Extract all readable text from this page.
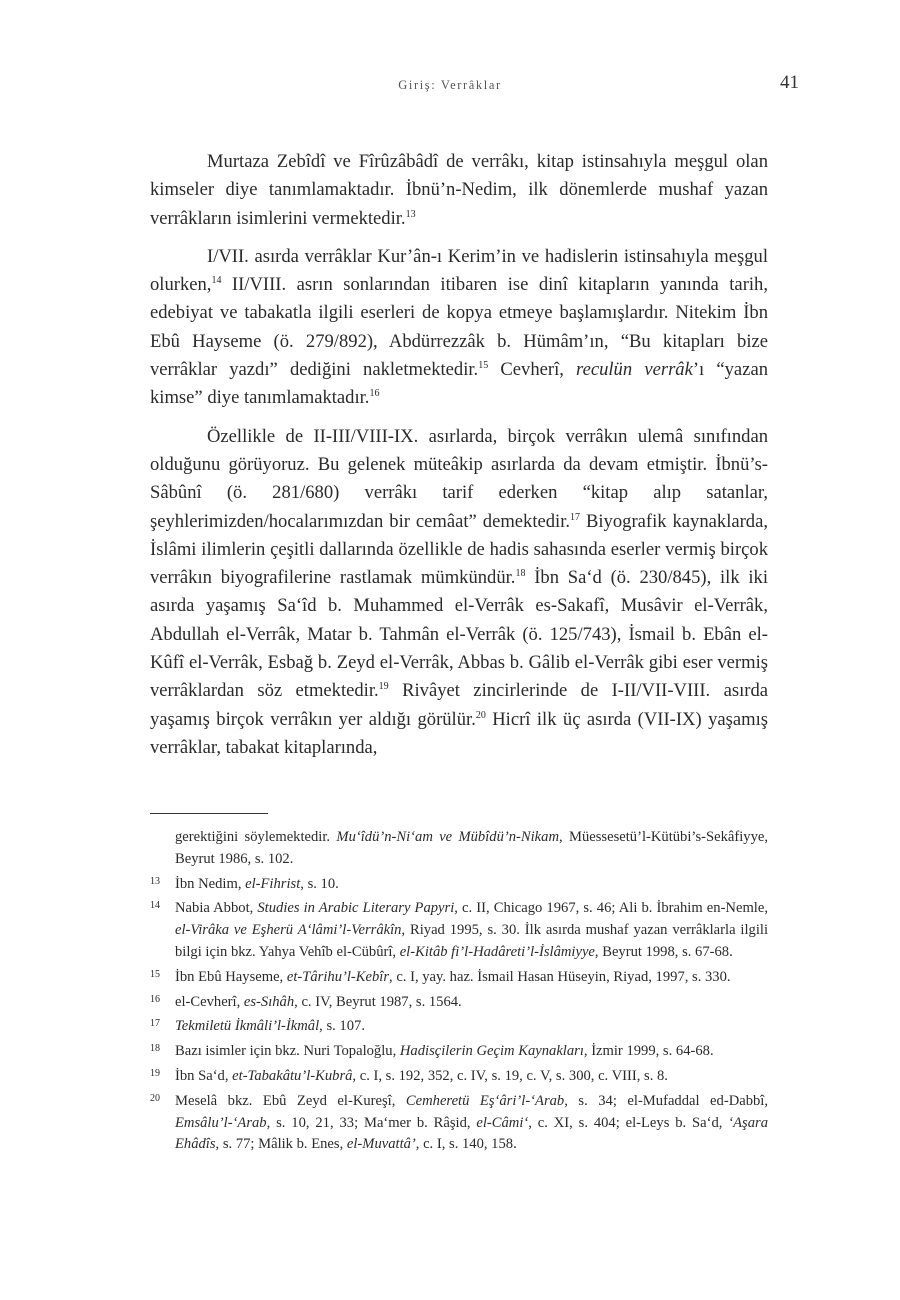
Giriş: Verrâklar	41

Murtaza Zebîdî ve Fîrûzâbâdî de verrâkı, kitap istinsahıyla meşgul olan kimseler diye tanımlamaktadır. İbnü’n-Nedim, ilk dönemlerde mushaf yazan verrâkların isimlerini vermektedir.$^{13}$

I/VII. asırda verrâklar Kur’ân-ı Kerim’in ve hadislerin istinsahıyla meşgul olurken,$^{14}$ II/VIII. asrın sonlarından itibaren ise dinî kitapların yanında tarih, edebiyat ve tabakatla ilgili eserleri de kopya etmeye başlamışlardır. Nitekim İbn Ebû Hayseme (ö. 279/892), Abdürrezzâk b. Hümâm’ın, “Bu kitapları bize verrâklar yazdı” dediğini nakletmektedir.$^{15}$ Cevherî, reculün verrâk’ı “yazan kimse” diye tanımlamaktadır.$^{16}$

Özellikle de II-III/VIII-IX. asırlarda, birçok verrâkın ulemâ sınıfından olduğunu görüyoruz. Bu gelenek müteâkip asırlarda da devam etmiştir. İbnü’s-Sâbûnî (ö. 281/680) verrâkı tarif ederken “kitap alıp satanlar, şeyhlerimizden/hocalarımızdan bir cemâat” demektedir.$^{17}$ Biyografik kaynaklarda, İslâmi ilimlerin çeşitli dallarında özellikle de hadis sahasında eserler vermiş birçok verrâkın biyografilerine rastlamak mümkündür.$^{18}$ İbn Sa‘d (ö. 230/845), ilk iki asırda yaşamış Sa‘îd b. Muhammed el-Verrâk es-Sakafî, Musâvir el-Verrâk, Abdullah el-Verrâk, Matar b. Tahmân el-Verrâk (ö. 125/743), İsmail b. Ebân el-Kûfî el-Verrâk, Esbağ b. Zeyd el-Verrâk, Abbas b. Gâlib el-Verrâk gibi eser vermiş verrâklardan söz etmektedir.$^{19}$ Rivâyet zincirlerinde de I-II/VII-VIII. asırda yaşamış birçok verrâkın yer aldığı görülür.$^{20}$ Hicrî ilk üç asırda (VII-IX) yaşamış verrâklar, tabakat kitaplarında,

gerektiğini söylemektedir. Mu‘îdü’n-Ni‘am ve Mübîdü’n-Nikam, Müessesetü’l-Kütübi’s-Sekâfiyye, Beyrut 1986, s. 102.
13 İbn Nedim, el-Fihrist, s. 10.
14 Nabia Abbot, Studies in Arabic Literary Papyri, c. II, Chicago 1967, s. 46; Ali b. İbrahim en-Nemle, el-Virâka ve Eşherü A‘lâmi’l-Verrâkîn, Riyad 1995, s. 30. İlk asırda mushaf yazan verrâklarla ilgili bilgi için bkz. Yahya Vehîb el-Cübûrî, el-Kitâb fi’l-Hadâreti’l-İslâmiyye, Beyrut 1998, s. 67-68.
15 İbn Ebû Hayseme, et-Târihu’l-Kebîr, c. I, yay. haz. İsmail Hasan Hüseyin, Riyad, 1997, s. 330.
16 el-Cevherî, es-Sıhâh, c. IV, Beyrut 1987, s. 1564.
17 Tekmiletü İkmâli’l-İkmâl, s. 107.
18 Bazı isimler için bkz. Nuri Topaloğlu, Hadisçilerin Geçim Kaynakları, İzmir 1999, s. 64-68.
19 İbn Sa‘d, et-Tabakâtu’l-Kubrâ, c. I, s. 192, 352, c. IV, s. 19, c. V, s. 300, c. VIII, s. 8.
20 Meselâ bkz. Ebû Zeyd el-Kureşî, Cemheretü Eş‘âri’l-‘Arab, s. 34; el-Mufaddal ed-Dabbî, Emsâlu’l-‘Arab, s. 10, 21, 33; Ma‘mer b. Râşid, el-Câmi‘, c. XI, s. 404; el-Leys b. Sa‘d, ‘Aşara Ehâdîs, s. 77; Mâlik b. Enes, el-Muvattâ’, c. I, s. 140, 158.
